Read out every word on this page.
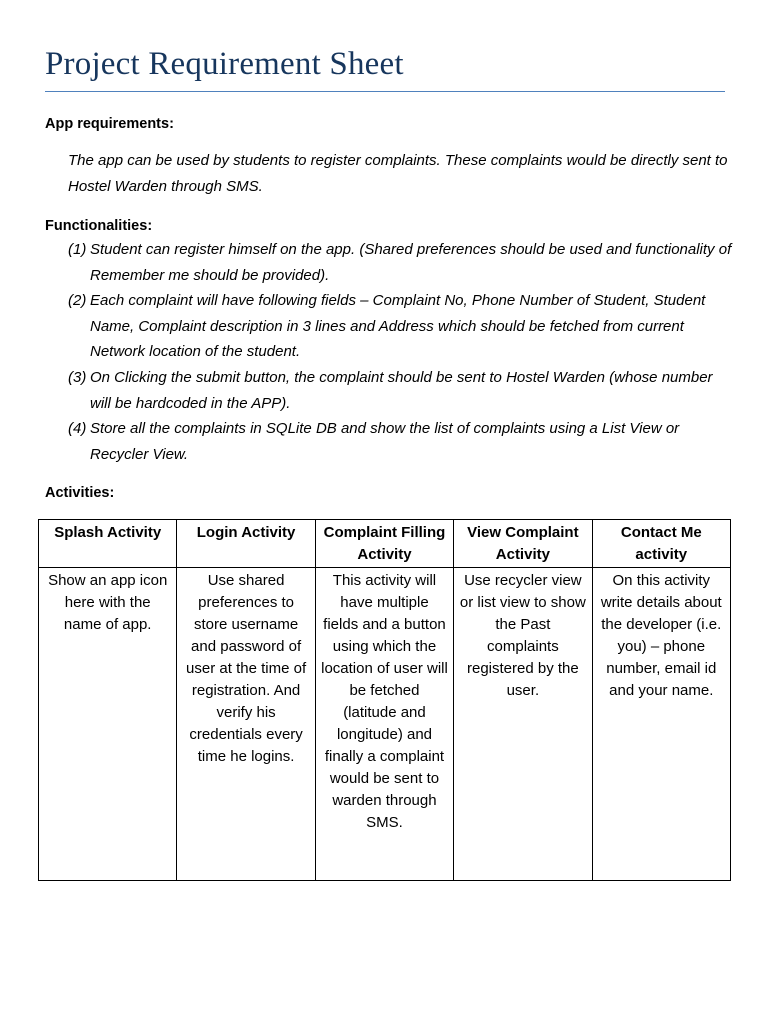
Project Requirement Sheet

App requirements:

The app can be used by students to register complaints. These complaints would be directly sent to Hostel Warden through SMS.

Functionalities:

(1) Student can register himself on the app. (Shared preferences should be used and functionality of Remember me should be provided).
(2) Each complaint will have following fields – Complaint No, Phone Number of Student, Student Name, Complaint description in 3 lines and Address which should be fetched from current Network location of the student.
(3) On Clicking the submit button, the complaint should be sent to Hostel Warden (whose number will be hardcoded in the APP).
(4) Store all the complaints in SQLite DB and show the list of complaints using a List View or Recycler View.

Activities:

Splash Activity	Login Activity	Complaint Filling Activity	View Complaint Activity	Contact Me activity
Show an app icon here with the name of app.	Use shared preferences to store username and password of user at the time of registration. And verify his credentials every time he logins.	This activity will have multiple fields and a button using which the location of user will be fetched (latitude and longitude) and finally a complaint would be sent to warden through SMS.	Use recycler view or list view to show the Past complaints registered by the user.	On this activity write details about the developer (i.e. you) – phone number, email id and your name.
